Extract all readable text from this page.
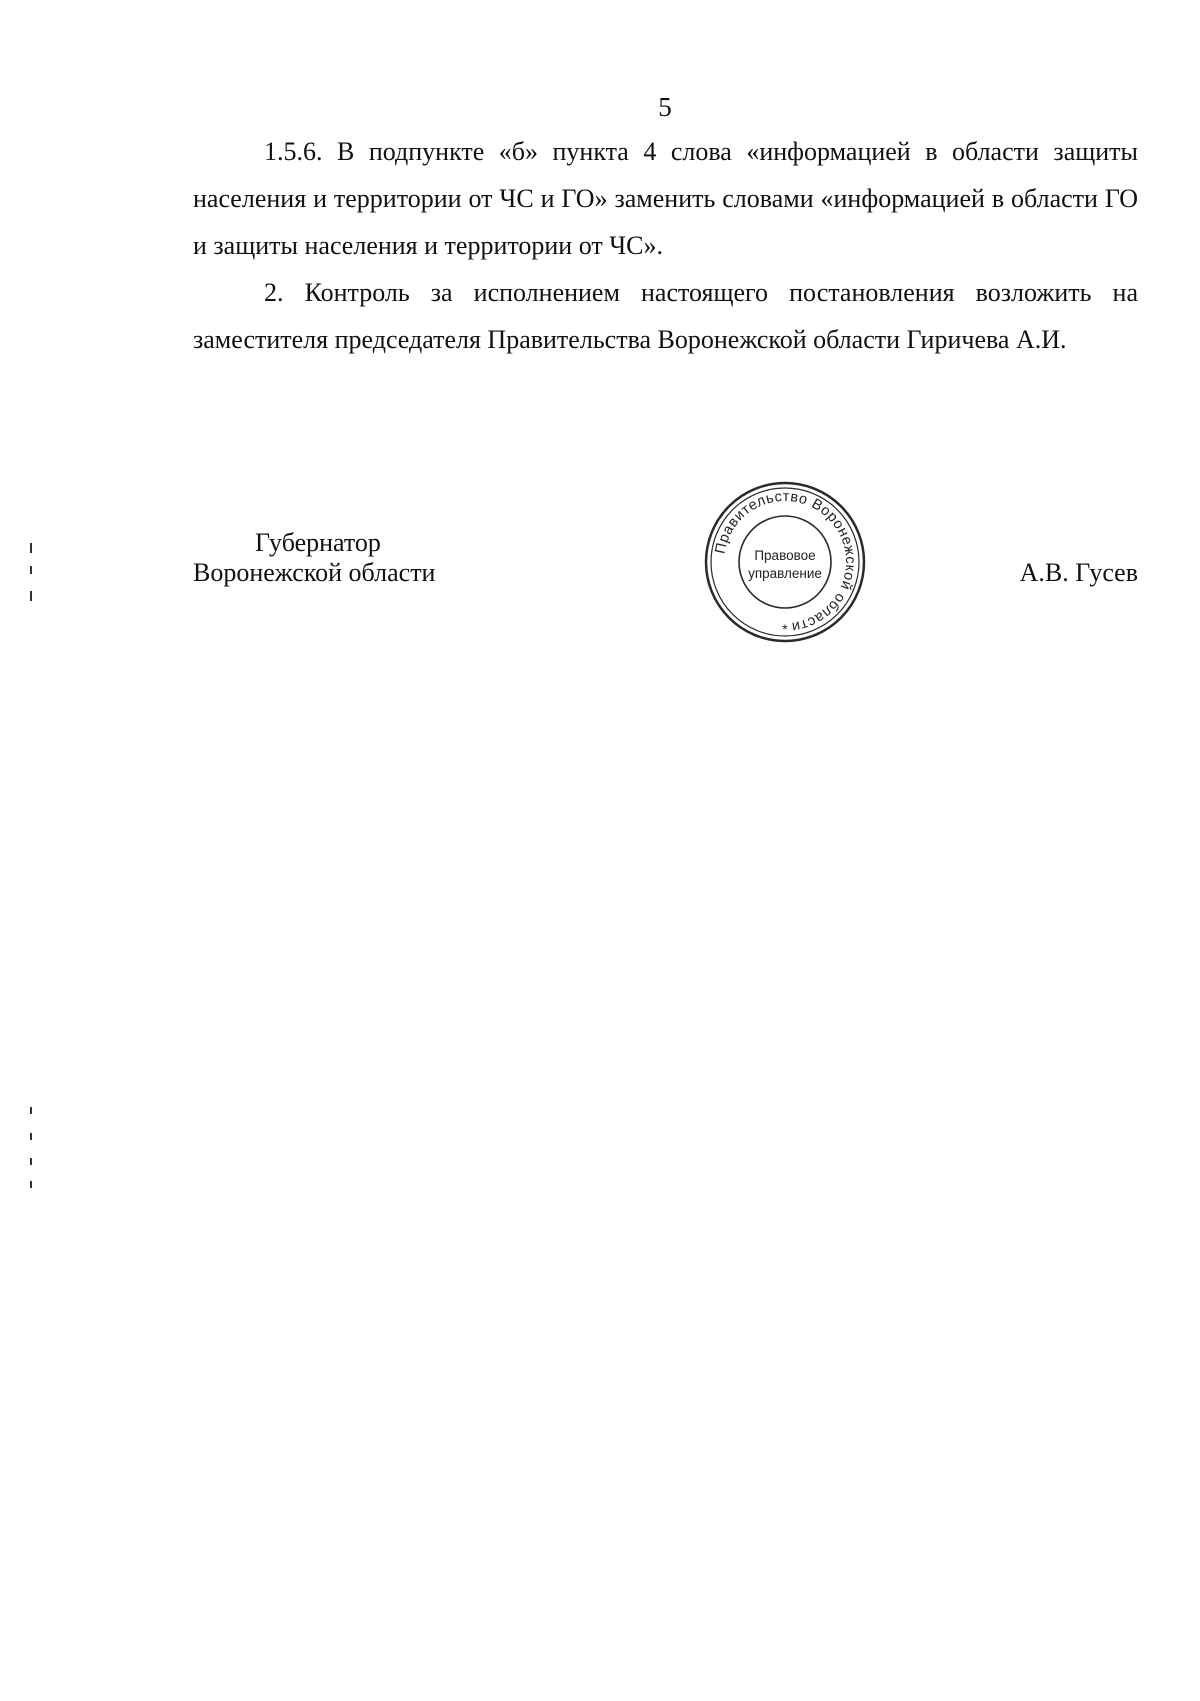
5

1.5.6. В подпункте «б» пункта 4 слова «информацией в области защиты населения и территории от ЧС и ГО» заменить словами «информацией в области ГО и защиты населения и территории от ЧС».

2. Контроль за исполнением настоящего постановления возложить на заместителя председателя Правительства Воронежской области Гиричева А.И.

Губернатор
Воронежской области	А.В. Гусев
Правительство Воронежской области
Правовое
управление
*
